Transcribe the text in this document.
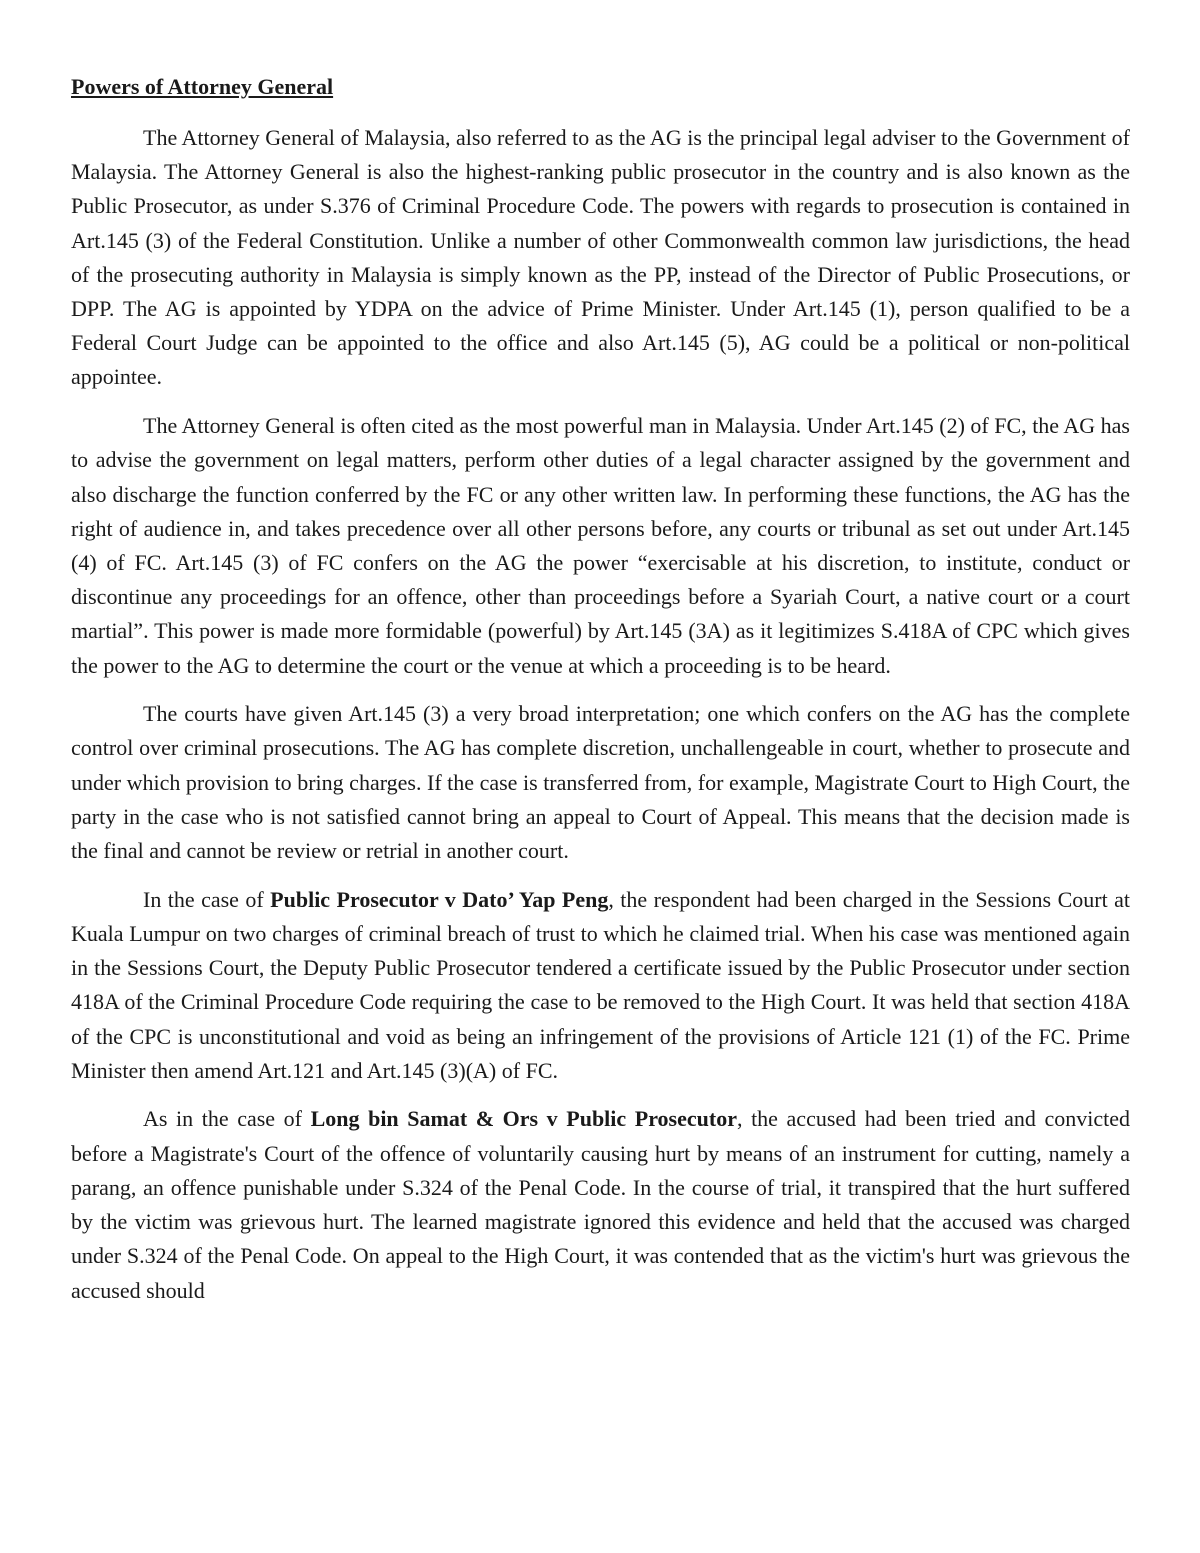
Powers of Attorney General

The Attorney General of Malaysia, also referred to as the AG is the principal legal adviser to the Government of Malaysia. The Attorney General is also the highest-ranking public prosecutor in the country and is also known as the Public Prosecutor, as under S.376 of Criminal Procedure Code. The powers with regards to prosecution is contained in Art.145 (3) of the Federal Constitution. Unlike a number of other Commonwealth common law jurisdictions, the head of the prosecuting authority in Malaysia is simply known as the PP, instead of the Director of Public Prosecutions, or DPP. The AG is appointed by YDPA on the advice of Prime Minister. Under Art.145 (1), person qualified to be a Federal Court Judge can be appointed to the office and also Art.145 (5), AG could be a political or non-political appointee.

The Attorney General is often cited as the most powerful man in Malaysia. Under Art.145 (2) of FC, the AG has to advise the government on legal matters, perform other duties of a legal character assigned by the government and also discharge the function conferred by the FC or any other written law. In performing these functions, the AG has the right of audience in, and takes precedence over all other persons before, any courts or tribunal as set out under Art.145 (4) of FC. Art.145 (3) of FC confers on the AG the power “exercisable at his discretion, to institute, conduct or discontinue any proceedings for an offence, other than proceedings before a Syariah Court, a native court or a court martial”. This power is made more formidable (powerful) by Art.145 (3A) as it legitimizes S.418A of CPC which gives the power to the AG to determine the court or the venue at which a proceeding is to be heard.

The courts have given Art.145 (3) a very broad interpretation; one which confers on the AG has the complete control over criminal prosecutions. The AG has complete discretion, unchallengeable in court, whether to prosecute and under which provision to bring charges. If the case is transferred from, for example, Magistrate Court to High Court, the party in the case who is not satisfied cannot bring an appeal to Court of Appeal. This means that the decision made is the final and cannot be review or retrial in another court.

In the case of Public Prosecutor v Dato’ Yap Peng, the respondent had been charged in the Sessions Court at Kuala Lumpur on two charges of criminal breach of trust to which he claimed trial. When his case was mentioned again in the Sessions Court, the Deputy Public Prosecutor tendered a certificate issued by the Public Prosecutor under section 418A of the Criminal Procedure Code requiring the case to be removed to the High Court. It was held that section 418A of the CPC is unconstitutional and void as being an infringement of the provisions of Article 121 (1) of the FC. Prime Minister then amend Art.121 and Art.145 (3)(A) of FC.

As in the case of Long bin Samat & Ors v Public Prosecutor, the accused had been tried and convicted before a Magistrate's Court of the offence of voluntarily causing hurt by means of an instrument for cutting, namely a parang, an offence punishable under S.324 of the Penal Code. In the course of trial, it transpired that the hurt suffered by the victim was grievous hurt. The learned magistrate ignored this evidence and held that the accused was charged under S.324 of the Penal Code. On appeal to the High Court, it was contended that as the victim's hurt was grievous the accused should
